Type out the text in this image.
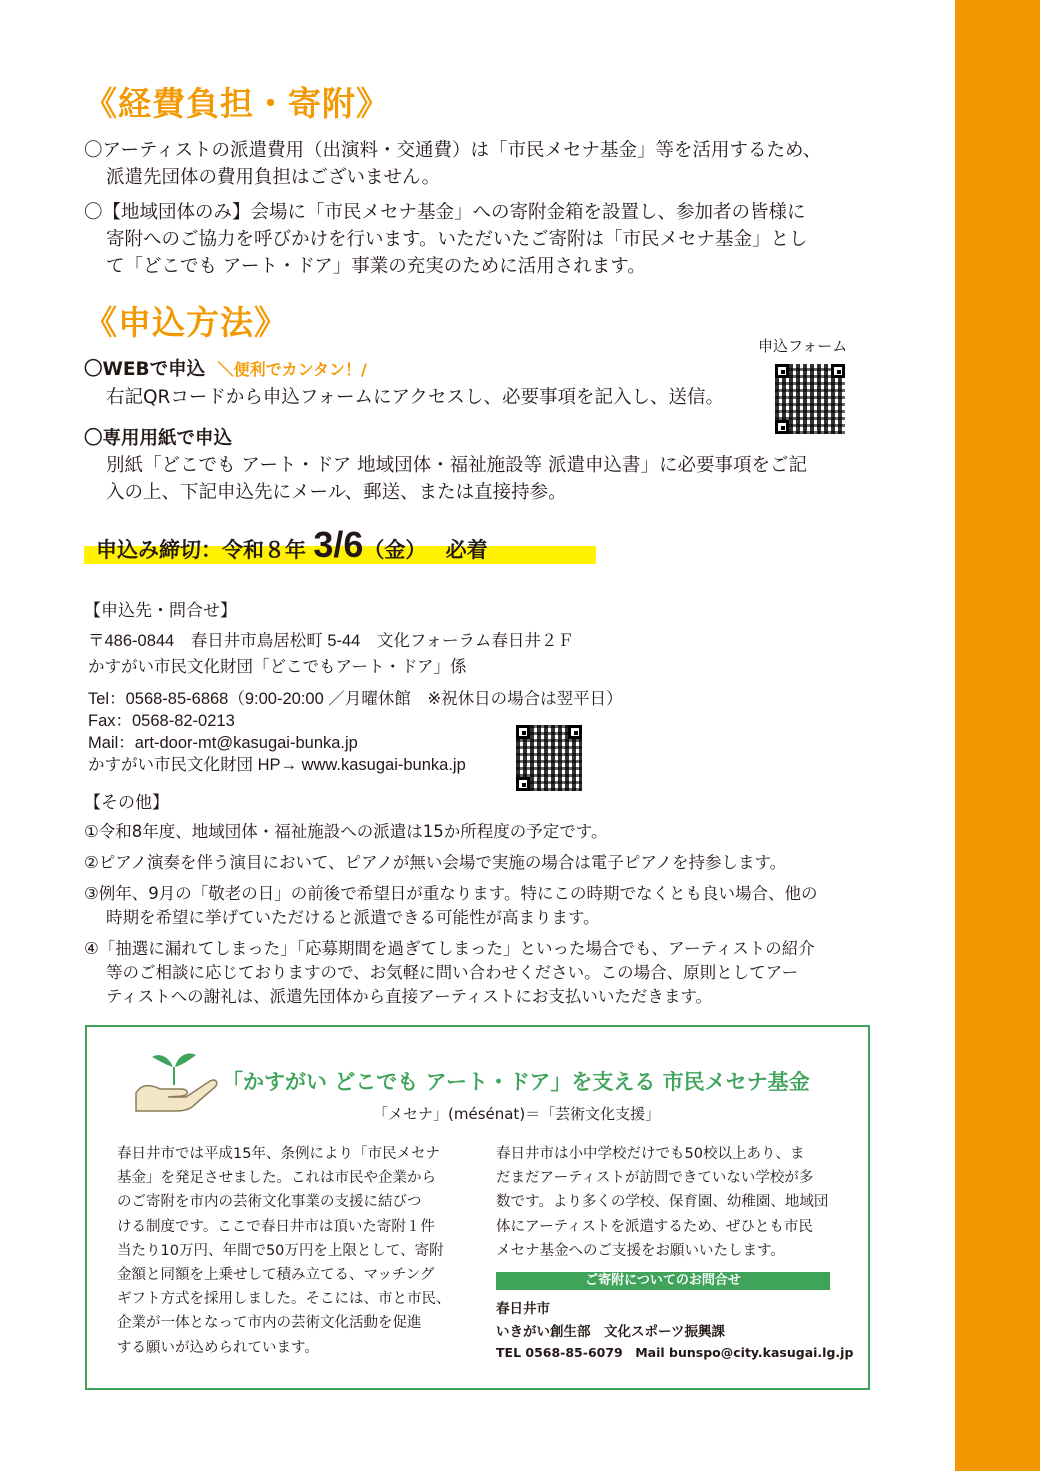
《経費負担・寄附》

〇アーティストの派遣費用（出演料・交通費）は「市民メセナ基金」等を活用するため、
派遣先団体の費用負担はございません。

〇【地域団体のみ】会場に「市民メセナ基金」への寄附金箱を設置し、参加者の皆様に
寄附へのご協力を呼びかけを行います。いただいたご寄附は「市民メセナ基金」とし
て「どこでも アート・ドア」事業の充実のために活用されます。

《申込方法》
申込フォーム
〇WEBで申込 ＼便利でカンタン！/
右記QRコードから申込フォームにアクセスし、必要事項を記入し、送信。
〇専用用紙で申込

別紙「どこでも アート・ドア 地域団体・福祉施設等 派遣申込書」に必要事項をご記
入の上、下記申込先にメール、郵送、または直接持参。

申込み締切：令和８年 3/6（金） 必着
【申込先・問合せ】
〒486-0844　春日井市鳥居松町 5-44　文化フォーラム春日井２Ｆ
かすがい市民文化財団「どこでもアート・ドア」係
Tel：0568-85-6868（9:00-20:00 ／月曜休館　※祝休日の場合は翌平日）
Fax：0568-82-0213
Mail：art-door-mt@kasugai-bunka.jp
かすがい市民文化財団 HP→ www.kasugai-bunka.jp
【その他】

①令和8年度、地域団体・福祉施設への派遣は15か所程度の予定です。

②ピアノ演奏を伴う演目において、ピアノが無い会場で実施の場合は電子ピアノを持参します。

③例年、9月の「敬老の日」の前後で希望日が重なります。特にこの時期でなくとも良い場合、他の
時期を希望に挙げていただけると派遣できる可能性が高まります。

④「抽選に漏れてしまった」「応募期間を過ぎてしまった」といった場合でも、アーティストの紹介
等のご相談に応じておりますので、お気軽に問い合わせください。この場合、原則としてアー
ティストへの謝礼は、派遣先団体から直接アーティストにお支払いいただきます。

「かすがい どこでも アート・ドア」を支える 市民メセナ基金
「メセナ」(mésénat)＝「芸術文化支援」

春日井市では平成15年、条例により「市民メセナ
基金」を発足させました。これは市民や企業から
のご寄附を市内の芸術文化事業の支援に結びつ
ける制度です。ここで春日井市は頂いた寄附１件
当たり10万円、年間で50万円を上限として、寄附
金額と同額を上乗せして積み立てる、マッチング
ギフト方式を採用しました。そこには、市と市民、
企業が一体となって市内の芸術文化活動を促進
する願いが込められています。

春日井市は小中学校だけでも50校以上あり、ま
だまだアーティストが訪問できていない学校が多
数です。より多くの学校、保育園、幼稚園、地域団
体にアーティストを派遣するため、ぜひとも市民
メセナ基金へのご支援をお願いいたします。

ご寄附についてのお問合せ
春日井市
いきがい創生部　文化スポーツ振興課
TEL 0568-85-6079　Mail bunspo@city.kasugai.lg.jp
